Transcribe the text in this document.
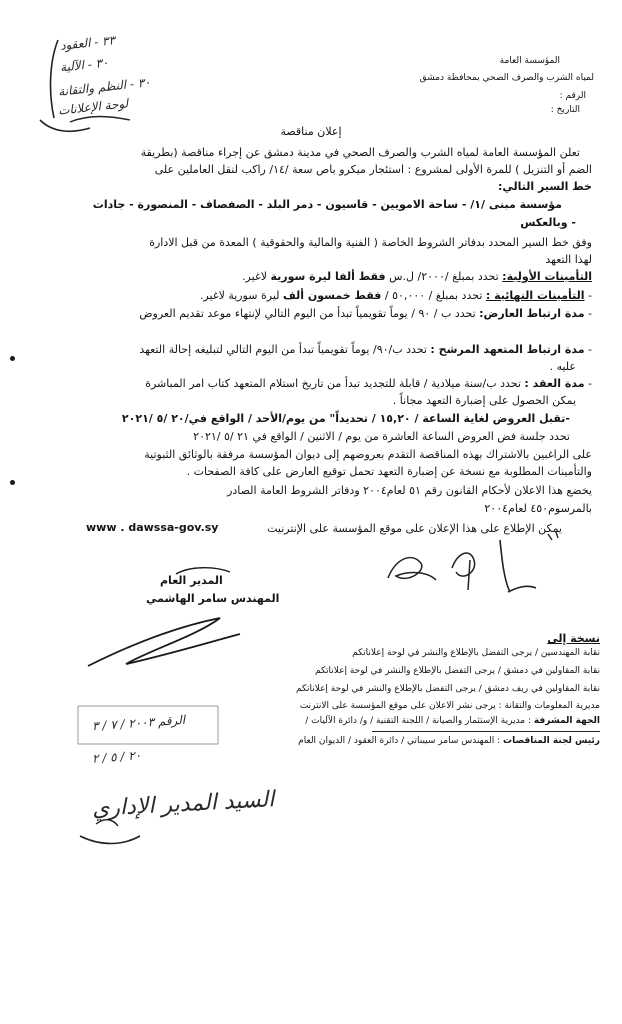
المؤسسة العامة
لمياه الشرب والصرف الصحي بمحافظة دمشق
الرقم :
التاريخ :
٣٣ - العقود
٣٠ - الآلية
٣٠ - النظم والتقانة
لوحة الإعلانات
إعلان مناقصة
تعلن المؤسسة العامة لمياه الشرب والصرف الصحي في مدينة دمشق عن إجراء مناقصة (بطريقة
الضم أو التنزيل ) للمرة الأولى لمشروع : استئجار ميكرو باص سعة /١٤/ راكب لنقل العاملين على
خط السير التالي:
مؤسسة مبنى /١/ - ساحة الامويين - قاسيون - دمر البلد - الصفصاف - المنصورة - جادات
- وبالعكس
وفق خط السير المحدد بدفاتر الشروط الخاصة ( الفنية والمالية والحقوقية ) المعدة من قبل الادارة
لهذا التعهد
التأمينات الأولية: تحدد بمبلغ /٢٠٠٠/ ل.س فقط ألفا ليرة سورية لاغير.
- التأمينات النهائية : تحدد بمبلغ / ٥٠,٠٠٠ / فقط خمسون ألف ليرة سورية لاغير.
- مدة ارتباط العارض: تحدد ب / ٩٠ / يوماً تقويمياً تبدأ من اليوم التالي لإنتهاء موعد تقديم العروض
- مدة ارتباط المتعهد المرشح : تحدد ب/٩٠/ يوماً تقويمياً تبدأ من اليوم التالي لتبليغه إحالة التعهد
عليه .
- مدة العقد : تحدد ب/سنة ميلادية / قابلة للتجديد تبدأ من تاريخ استلام المتعهد كتاب امر المباشرة
يمكن الحصول على إضبارة التعهد مجاناً .
-تقبل العروض لغاية الساعة / ١٥,٢٠ / تحديداً" من يوم/الأحد / الواقع في/٢٠ /٥ /٢٠٢١
تحدد جلسة فض العروض الساعة العاشرة من يوم / الاثنين / الواقع في ٢١ /٥ /٢٠٢١
على الراغبين بالاشتراك بهذه المناقصة التقدم بعروضهم إلى ديوان المؤسسة مرفقة بالوثائق الثبوتية
والتأمينات المطلوبة مع نسخة عن إضبارة التعهد تحمل توقيع العارض على كافة الصفحات .
يخضع هذا الاعلان لأحكام القانون رقم ٥١ لعام٢٠٠٤ ودفاتر الشروط العامة الصادر
بالمرسوم٤٥٠ لعام٢٠٠٤
يمكن الإطلاع على هذا الإعلان على موقع المؤسسة على الإنترنيت
www . dawssa-gov.sy
المدير العام
المهندس سامر الهاشمي
نسخة إلى
نقابة المهندسين / يرجى التفضل بالإطلاع والنشر في لوحة إعلاناتكم
نقابة المقاولين في دمشق / يرجى التفضل بالإطلاع والنشر في لوحة إعلاناتكم
نقابة المقاولين في ريف دمشق / يرجى التفضل بالإطلاع والنشر في لوحة إعلاناتكم
مديرية المعلومات والتقانة : يرجى نشر الاعلان على موقع المؤسسة على الانترنت
الجهة المشرفة : مديرية الإستثمار والصيانة / اللجنة التقنية / و/ دائرة الآليات /
رئيس لجنة المناقصات : المهندس سامر سيبناتي / دائرة العقود / الديوان العام
الرقم ٢٠٠٣ / ٧ / ٣
٢٠ / ٥ / ٢
السيد المدير الإداري
